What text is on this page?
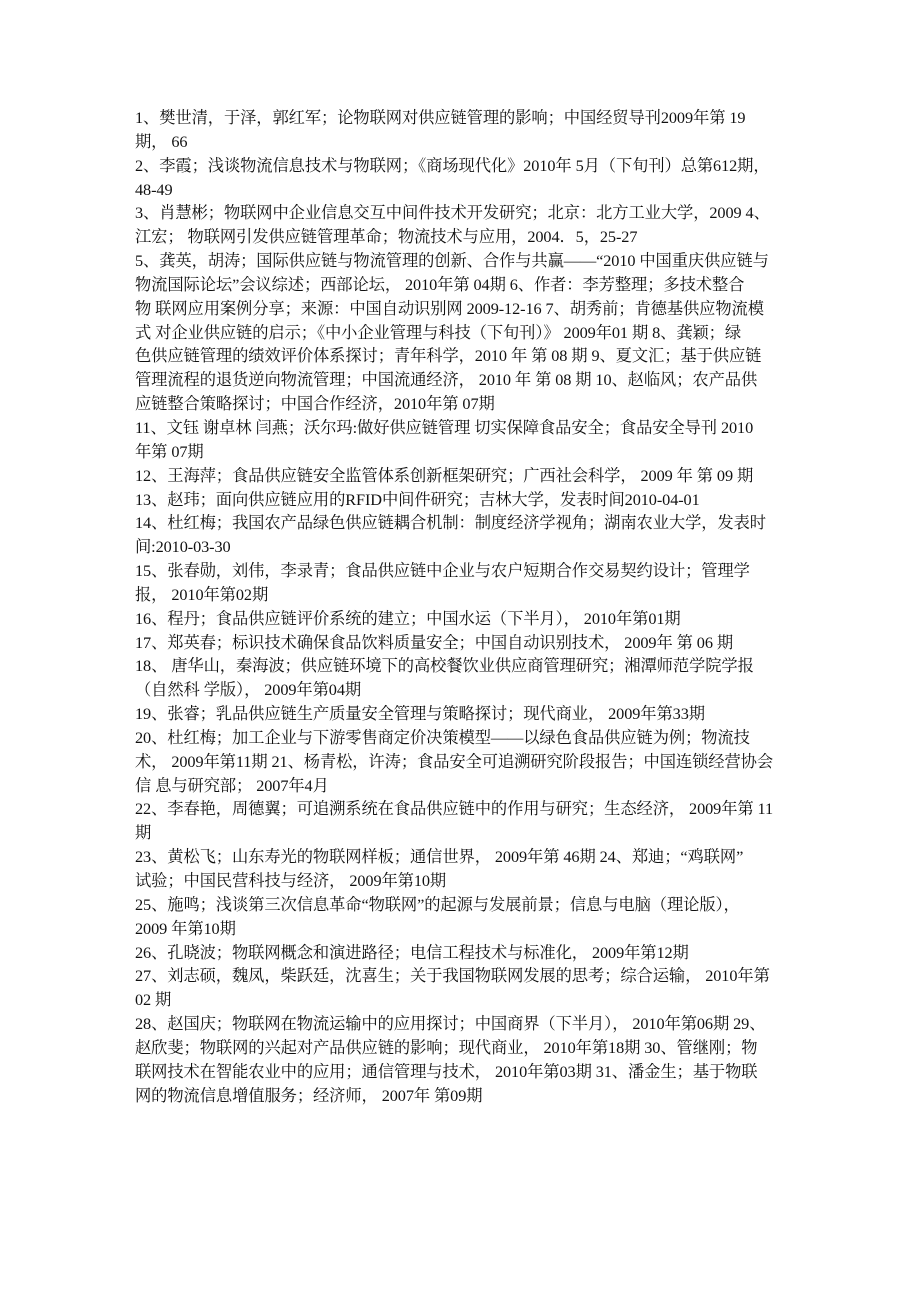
1、樊世清，于泽，郭红军；论物联网对供应链管理的影响；中国经贸导刊2009年第 19
期， 66
2、李霞；浅谈物流信息技术与物联网；《商场现代化》2010年 5月（下旬刊）总第612期，
48-49
3、肖慧彬；物联网中企业信息交互中间件技术开发研究；北京：北方工业大学，2009 4、
江宏； 物联网引发供应链管理革命；物流技术与应用，2004．5，25-27
5、龚英，胡涛；国际供应链与物流管理的创新、合作与共赢——“2010 中国重庆供应链与
物流国际论坛”会议综述；西部论坛， 2010年第 04期 6、作者：李芳整理；多技术整合
物 联网应用案例分享；来源：中国自动识别网 2009-12-16 7、胡秀前；肯德基供应物流模
式 对企业供应链的启示；《中小企业管理与科技（下旬刊）》 2009年01 期 8、龚颖；绿
色供应链管理的绩效评价体系探讨；青年科学，2010 年 第 08 期 9、夏文汇；基于供应链
管理流程的退货逆向物流管理；中国流通经济， 2010 年 第 08 期 10、赵临风；农产品供
应链整合策略探讨；中国合作经济，2010年第 07期
11、文钰 谢卓林 闫燕；沃尔玛:做好供应链管理 切实保障食品安全；食品安全导刊 2010
年第 07期
12、王海萍；食品供应链安全监管体系创新框架研究；广西社会科学， 2009 年 第 09 期
13、赵玮；面向供应链应用的RFID中间件研究；吉林大学，发表时间2010-04-01
14、杜红梅；我国农产品绿色供应链耦合机制：制度经济学视角；湖南农业大学，发表时
间:2010-03-30
15、张春勋，刘伟，李录青；食品供应链中企业与农户短期合作交易契约设计；管理学
报， 2010年第02期
16、程丹；食品供应链评价系统的建立；中国水运（下半月）， 2010年第01期
17、郑英春；标识技术确保食品饮料质量安全；中国自动识别技术， 2009年 第 06 期
18、 唐华山，秦海波；供应链环境下的高校餐饮业供应商管理研究；湘潭师范学院学报
（自然科 学版）， 2009年第04期
19、张睿；乳品供应链生产质量安全管理与策略探讨；现代商业， 2009年第33期
20、杜红梅；加工企业与下游零售商定价决策模型——以绿色食品供应链为例；物流技
术， 2009年第11期 21、杨青松，许涛；食品安全可追溯研究阶段报告；中国连锁经营协会
信 息与研究部； 2007年4月
22、李春艳，周德翼；可追溯系统在食品供应链中的作用与研究；生态经济， 2009年第 11
期
23、黄松飞；山东寿光的物联网样板；通信世界， 2009年第 46期 24、郑迪；“鸡联网”
试验；中国民营科技与经济， 2009年第10期
25、施鸣；浅谈第三次信息革命“物联网”的起源与发展前景；信息与电脑（理论版），
2009 年第10期
26、孔晓波；物联网概念和演进路径；电信工程技术与标准化， 2009年第12期
27、刘志硕，魏凤，柴跃廷，沈喜生；关于我国物联网发展的思考；综合运输， 2010年第
02 期
28、赵国庆；物联网在物流运输中的应用探讨；中国商界（下半月）， 2010年第06期 29、
赵欣斐；物联网的兴起对产品供应链的影响；现代商业， 2010年第18期 30、管继刚；物
联网技术在智能农业中的应用；通信管理与技术， 2010年第03期 31、潘金生；基于物联
网的物流信息增值服务；经济师， 2007年 第09期
